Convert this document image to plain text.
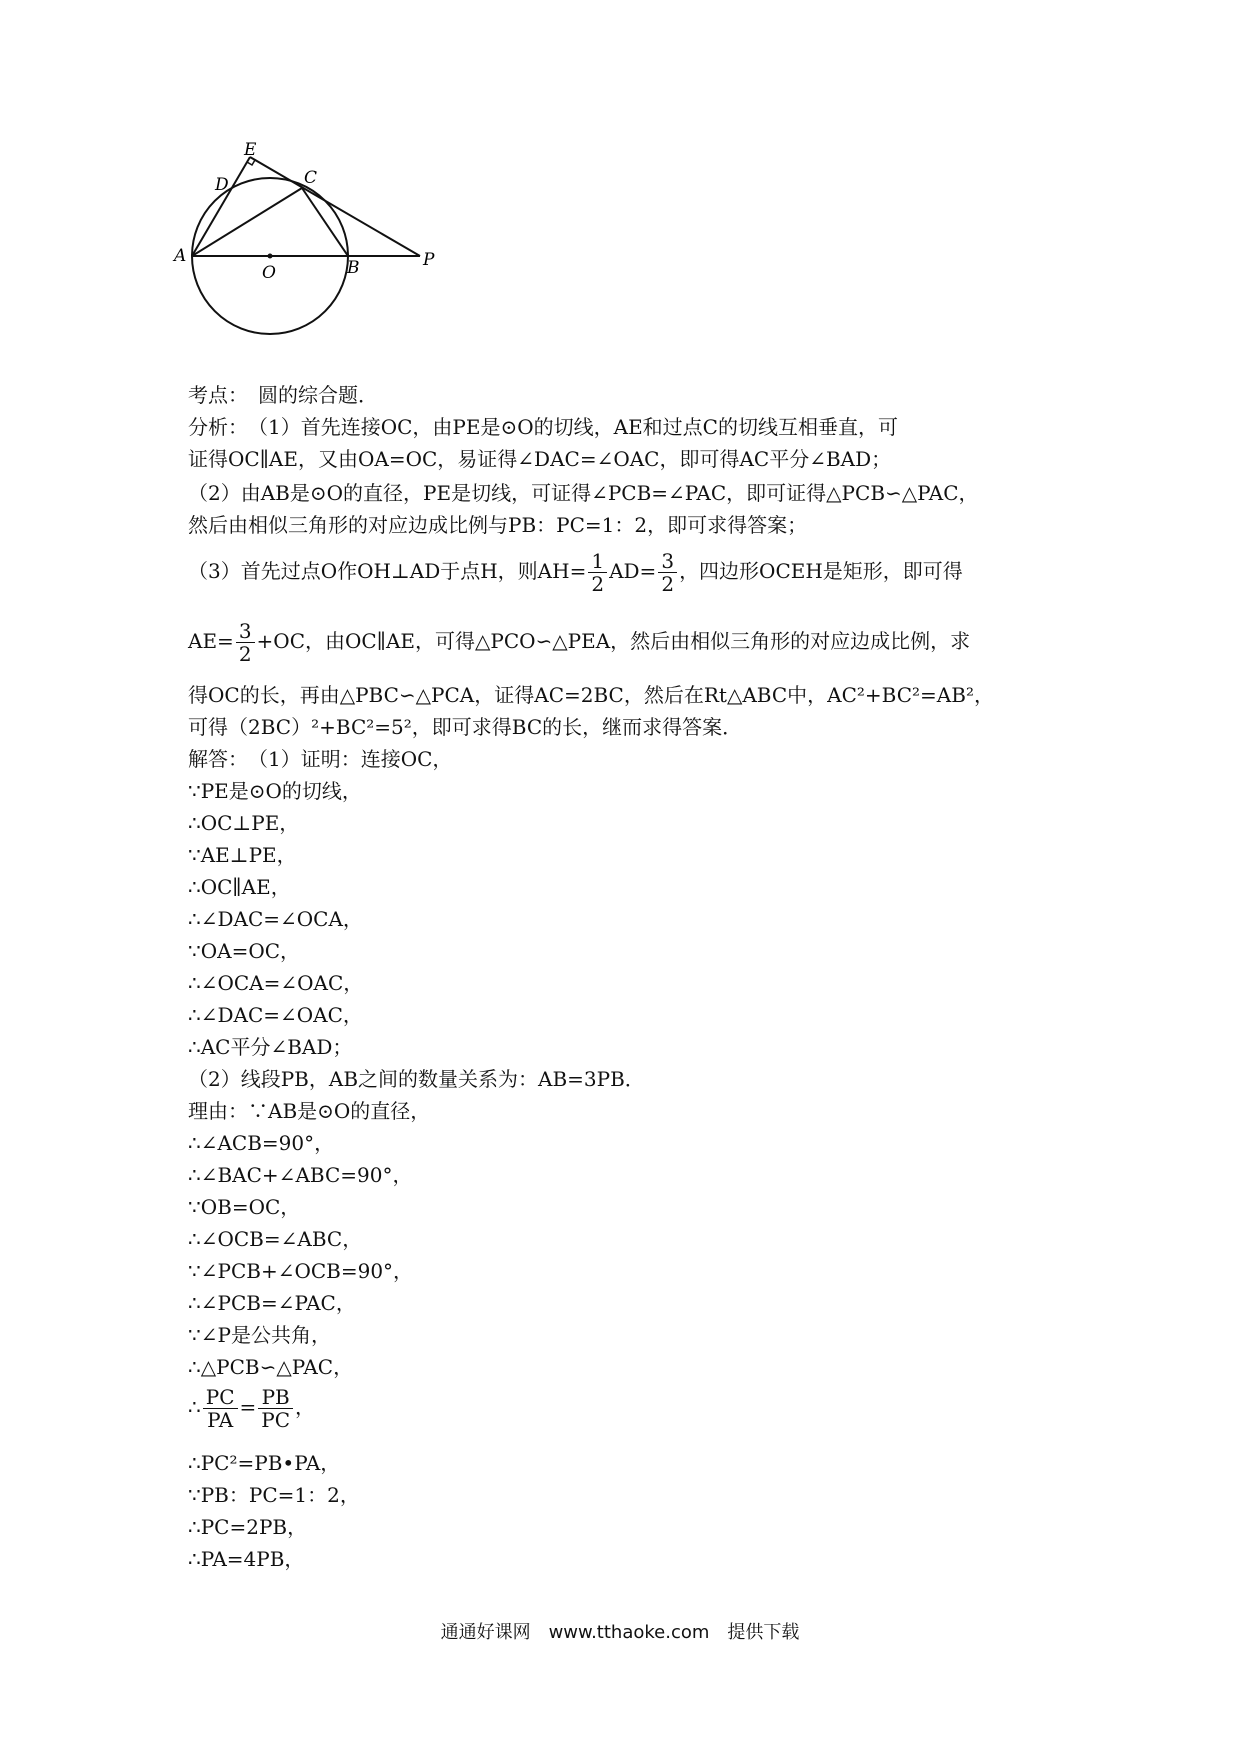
E
D	C
A
O	B	P
考点：　圆的综合题．
分析：　（1）首先连接OC，由PE是⊙O的切线，AE和过点C的切线互相垂直，可
证得OC∥AE，又由OA=OC，易证得∠DAC=∠OAC，即可得AC平分∠BAD；
（2）由AB是⊙O的直径，PE是切线，可证得∠PCB=∠PAC，即可证得△PCB∽△PAC，
然后由相似三角形的对应边成比例与PB：PC=1：2，即可求得答案；
（3）首先过点O作OH⊥AD于点H，则$AH= \frac{1}{2} AD= \frac{3}{2}$ ，四边形OCEH是矩形，即可得
$AE= \frac{3}{2} +OC$，由OC∥AE，可得△PCO∽△PEA，然后由相似三角形的对应边成比例，求
得OC的长，再由△PBC∽△PCA，证得AC=2BC，然后在Rt△ABC中，AC²+BC²=AB²，
可得（2BC）²+BC²=5²，即可求得BC的长，继而求得答案．
解答：　（1）证明：连接OC，
∵PE是⊙O的切线，
∴OC⊥PE，
∵AE⊥PE，
∴OC∥AE，
∴∠DAC=∠OCA，
∵OA=OC，
∴∠OCA=∠OAC，
∴∠DAC=∠OAC，
∴AC平分∠BAD；
（2）线段PB，AB之间的数量关系为：AB=3PB．
理由：∵AB是⊙O的直径，
∴∠ACB=90°，
∴∠BAC+∠ABC=90°，
∵OB=OC，
∴∠OCB=∠ABC，
∵∠PCB+∠OCB=90°，
∴∠PCB=∠PAC，
∵∠P是公共角，
∴△PCB∽△PAC，
∴ $\frac{PC}{PA} = \frac{PB}{PC}$ ，
∴PC²=PB•PA，
∵PB：PC=1：2，
∴PC=2PB，
∴PA=4PB，
通通好课网　www.tthaoke.com　提供下载
